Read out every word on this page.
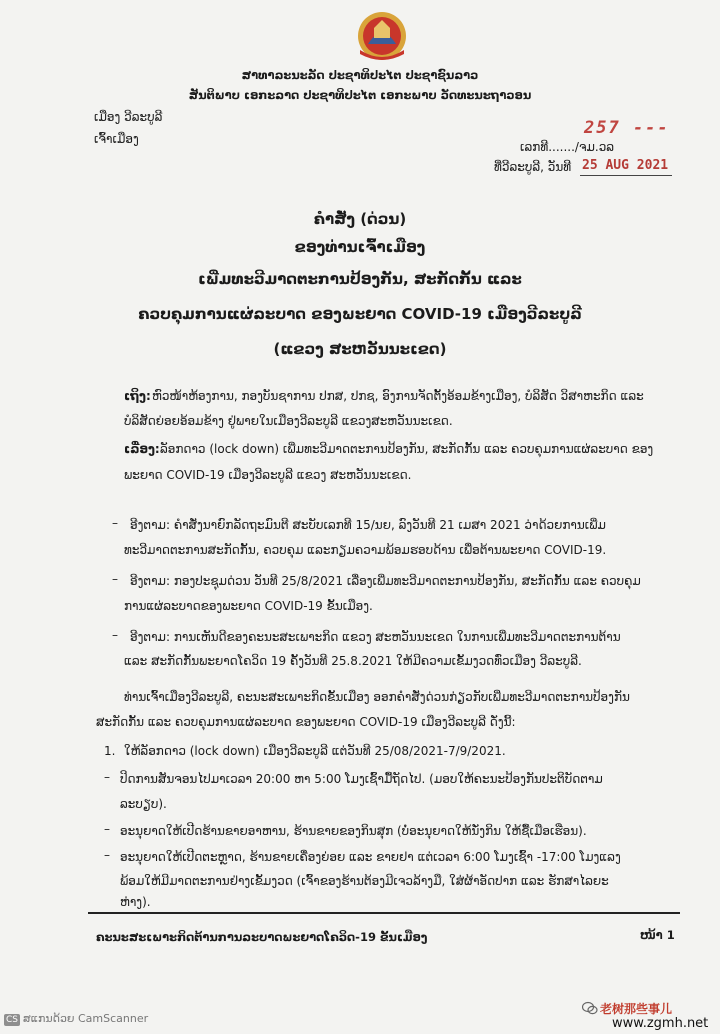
ສາທາລະນະລັດ ປະຊາທິປະໄຕ ປະຊາຊົນລາວ
ສັນຕິພາບ ເອກະລາດ ປະຊາທິປະໄຕ ເອກະພາບ ວັດທະນະຖາວອນ
ເມືອງ ວີລະບູລີ
ເຈົ້າເມືອງ
ເລກທີ......./ຈມ.ວລ
257 ---
ທີ່ວີລະບູລີ, ວັນທີ 25 AUG 2021
ຄຳສັ່ງ (ດ່ວນ)
ຂອງທ່ານເຈົ້າເມືອງ
ເພີ່ມທະວີມາດຕະການປ້ອງກັນ, ສະກັດກັ້ນ ແລະ
ຄວບຄຸມການແຜ່ລະບາດ ຂອງພະຍາດ COVID-19 ເມືອງວີລະບູລີ
(ແຂວງ ສະຫວັນນະເຂດ)
ເຖິງ: ຫົວໜ້າຫ້ອງການ, ກອງບັນຊາການ ປກສ, ປກຊ, ອົງການຈັດຕັ້ງອ້ອມຂ້າງເມືອງ, ບໍລິສັດ ວິສາຫະກິດ ແລະ
ບໍລິສັດຍ່ອຍອ້ອມຂ້າງ ຢູ່ພາຍໃນເມືອງວີລະບູລີ ແຂວງສະຫວັນນະເຂດ.
ເລື່ອງ: ລັອກດາວ (lock down) ເພີ່ມທະວີມາດຕະການປ້ອງກັນ, ສະກັດກັ້ນ ແລະ ຄວບຄຸມການແຜ່ລະບາດ ຂອງ
ພະຍາດ COVID-19 ເມືອງວີລະບູລີ ແຂວງ ສະຫວັນນະເຂດ.
– ອີງຕາມ: ຄຳສັ່ງນາຍົກລັດຖະມົນຕີ ສະບັບເລກທີ 15/ນຍ, ລົງວັນທີ 21 ເມສາ 2021 ວ່າດ້ວຍການເພີ່ມ
ທະວີມາດຕະການສະກັດກັ້ນ, ຄວບຄຸມ ແລະກຽມຄວາມພ້ອມຮອບດ້ານ ເພື່ອຕ້ານພະຍາດ COVID-19.
– ອີງຕາມ: ກອງປະຊຸມດ່ວນ ວັນທີ 25/8/2021 ເລື່ອງເພີ່ມທະວີມາດຕະການປ້ອງກັນ, ສະກັດກັ້ນ ແລະ ຄວບຄຸມ
ການແຜ່ລະບາດຂອງພະຍາດ COVID-19 ຂັ້ນເມືອງ.
– ອີງຕາມ: ການເຫັນດີຂອງຄະນະສະເພາະກິດ ແຂວງ ສະຫວັນນະເຂດ ໃນການເພີ່ມທະວີມາດຕະການຕ້ານ
ແລະ ສະກັດກັ້ນພະຍາດໂຄວິດ 19 ຄັ້ງວັນທີ 25.8.2021 ໃຫ້ມີຄວາມເຂັ້ມງວດທົ່ວເມືອງ ວີລະບູລີ.
ທ່ານເຈົ້າເມືອງວີລະບູລີ, ຄະນະສະເພາະກິດຂັ້ນເມືອງ ອອກຄຳສັ່ງດ່ວນກ່ຽວກັບເພີ່ມທະວີມາດຕະການປ້ອງກັນ
ສະກັດກັ້ນ ແລະ ຄວບຄຸມການແຜ່ລະບາດ ຂອງພະຍາດ COVID-19 ເມືອງວີລະບູລີ ດັ່ງນີ້:
1. ໃຫ້ລັອກດາວ (lock down) ເມືອງວີລະບູລີ ແຕ່ວັນທີ 25/08/2021-7/9/2021.
– ປິດການສັນຈອນໄປມາເວລາ 20:00 ຫາ 5:00 ໂມງເຊົ້າມື້ຖັດໄປ. (ມອບໃຫ້ຄະນະປ້ອງກັນປະຕິບັດຕາມ
ລະບຽບ).
– ອະນຸຍາດໃຫ້ເປີດຮ້ານຂາຍອາຫານ, ຮ້ານຂາຍຂອງກິນສຸກ (ບໍ່ອະນຸຍາດໃຫ້ນັ່ງກິນ ໃຫ້ຊື້ເມືອເຮືອນ).
– ອະນຸຍາດໃຫ້ເປີດຕະຫຼາດ, ຮ້ານຂາຍເຄື່ອງຍ່ອຍ ແລະ ຂາຍຢາ ແຕ່ເວລາ 6:00 ໂມງເຊົ້າ -17:00 ໂມງແລງ
ພ້ອມໃຫ້ມີມາດຕະການຢ່າງເຂັ້ມງວດ (ເຈົ້າຂອງຮ້ານຕ້ອງມີເຈວລ້າງມື, ໃສ່ຜ້າອັດປາກ ແລະ ຮັກສາໄລຍະ
ຫ່າງ).
ຄະນະສະເພາະກິດຕ້ານການລະບາດພະຍາດໂຄວິດ-19 ຂັ້ນເມືອງ	ໜ້າ 1
CS ສແກນດ້ວຍ CamScanner
老树那些事儿
www.zgmh.net
